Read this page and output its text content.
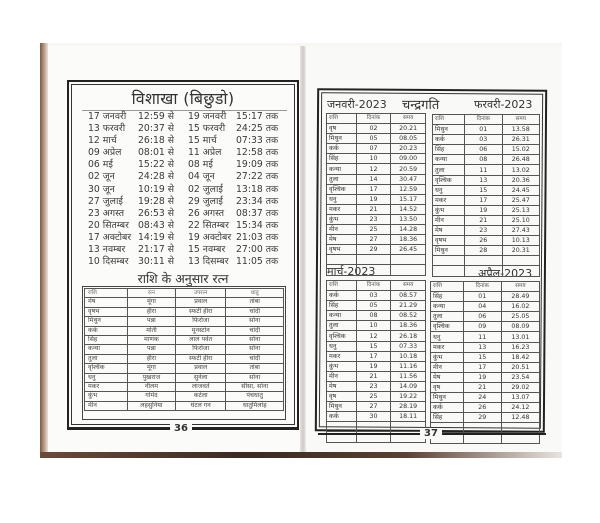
विशाखा (बिछुडो)
17 जनवरी	12:59 से	19 जनवरी	15:17 तक
13 फरवरी	20:37 से	15 फरवरी	24:25 तक
12 मार्च	26:18 से	15 मार्च	07:33 तक
09 अप्रेल	08:01 से	11 अप्रेल	12:58 तक
06 मई	15:22 से	08 मई	19:09 तक
02 जून	24:28 से	04 जून	27:22 तक
30 जून	10:19 से	02 जुलाई	13:18 तक
27 जुलाई	19:28 से	29 जुलाई	23:34 तक
23 अगस्त	26:53 से	26 अगस्त	08:37 तक
20 सितम्बर 08:43 से	22 सितम्बर 15:34 तक
17 अक्टोबर 14:19 से	19 अक्टोबर 21:03 तक
13 नवम्बर	21:17 से	15 नवम्बर	27:00 तक
10 दिसम्बर	30:11 से	13 दिसम्बर 11:05 तक
राशि के अनुसार रत्न
राशि	रत्न	उपरत्न	धातु
मेष	मूंगा	प्रवाल	तांबा
वृषभ	हीरा	स्फटी हीरा	चांदी
मिथुन	पन्ना	फिरोजा	सोना
कर्क	मोती	मूनस्टोन	चांदी
सिंह	माणक	लाल पर्वत	सोना
कन्या	पन्ना	फिरोजा	सोना
तुला	हीरा	स्फटी हीरा	चांदी
वृश्चिक	मूंगा	प्रवाल	तांबा
धनु	पुखराज	सुनेला	सोना
मकर	नीलम	लाजवर्त	सीसा, सोना
कुंभ	गोमेद	कटेला	पंचधातु
मीन	लहसुनिया	घंटल गन	धातुमिलांह
36
जनवरी-2023 चन्द्रगति	फरवरी-2023
मार्च-2023	अप्रैल-2023
राशि	दिनांक	समय
वृष	02	20.21
मिथुन	05	08.05
कर्क	07	20.23
सिंह	10	09.00
कन्या	12	20.59
तुला	14	30.47
वृश्चिक	17	12.59
धनु	19	15.17
मकर	21	14.52
कुंभ	23	13.50
मीन	25	14.28
मेष	27	18.36
वृषभ	29	26.45

राशि	दिनांक	समय
मिथुन	01	13.58
कर्क	03	26.31
सिंह	06	15.02
कन्या	08	26.48
तुला	11	13.02
वृश्चिक	13	20.36
धनु	15	24.45
मकर	17	25.47
कुंभ	19	25.13
मीन	21	25.10
मेष	23	27.43
वृषभ	26	10.13
मिथुन	28	20.31

राशि	दिनांक	समय
कर्क	03	08.57
सिंह	05	21.29
कन्या	08	08.52
तुला	10	18.36
वृश्चिक	12	26.18
धनु	15	07.33
मकर	17	10.18
कुंभ	19	11.16
मीन	21	11.56
मेष	23	14.09
वृष	25	19.22
मिथुन	27	28.19
कर्क	30	18.11

राशि	दिनांक	समय
सिंह	01	28.49
कन्या	04	16.02
तुला	06	25.05
वृश्चिक	09	08.09
धनु	11	13.01
मकर	13	16.23
कुंभ	15	18.42
मीन	17	20.51
मेष	19	23.54
वृष	21	29.02
मिथुन	24	13.07
कर्क	26	24.12
सिंह	29	12.48

37
